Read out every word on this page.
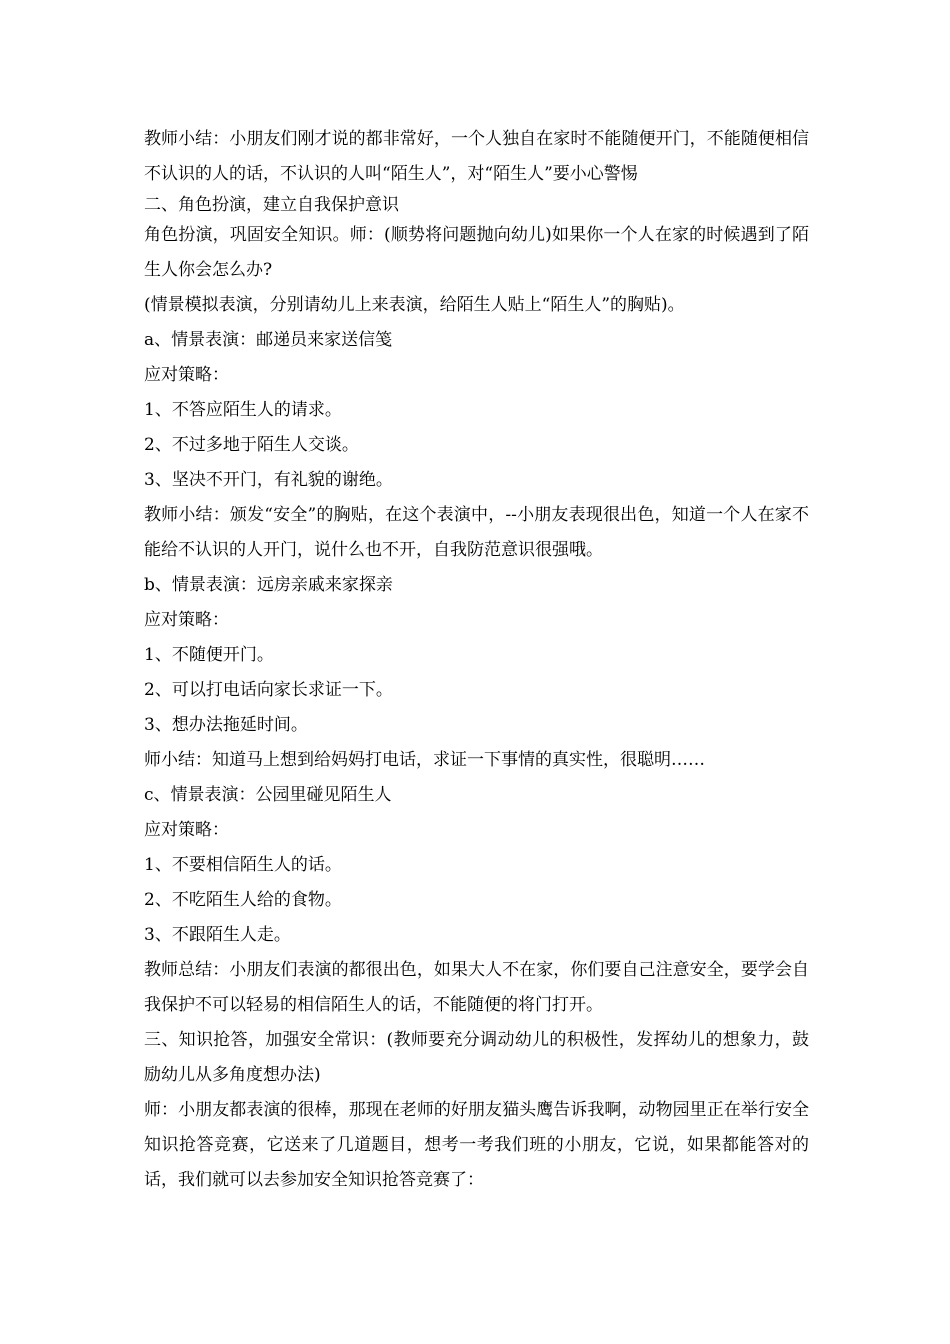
教师小结：小朋友们刚才说的都非常好，一个人独自在家时不能随便开门，不能随便相信不认识的人的话，不认识的人叫“陌生人”，对“陌生人”要小心警惕

二、角色扮演，建立自我保护意识

角色扮演，巩固安全知识。师：(顺势将问题抛向幼儿)如果你一个人在家的时候遇到了陌生人你会怎么办?

(情景模拟表演，分别请幼儿上来表演，给陌生人贴上“陌生人”的胸贴)。

a、情景表演：邮递员来家送信笺

应对策略：

1、不答应陌生人的请求。

2、不过多地于陌生人交谈。

3、坚决不开门，有礼貌的谢绝。

教师小结：颁发“安全”的胸贴，在这个表演中，--小朋友表现很出色，知道一个人在家不能给不认识的人开门，说什么也不开，自我防范意识很强哦。

b、情景表演：远房亲戚来家探亲

应对策略：

1、不随便开门。

2、可以打电话向家长求证一下。

3、想办法拖延时间。

师小结：知道马上想到给妈妈打电话，求证一下事情的真实性，很聪明……

c、情景表演：公园里碰见陌生人

应对策略：

1、不要相信陌生人的话。

2、不吃陌生人给的食物。

3、不跟陌生人走。

教师总结：小朋友们表演的都很出色，如果大人不在家，你们要自己注意安全，要学会自我保护不可以轻易的相信陌生人的话，不能随便的将门打开。

三、知识抢答，加强安全常识：(教师要充分调动幼儿的积极性，发挥幼儿的想象力，鼓励幼儿从多角度想办法)

师：小朋友都表演的很棒，那现在老师的好朋友猫头鹰告诉我啊，动物园里正在举行安全知识抢答竞赛，它送来了几道题目，想考一考我们班的小朋友，它说，如果都能答对的话，我们就可以去参加安全知识抢答竞赛了：
